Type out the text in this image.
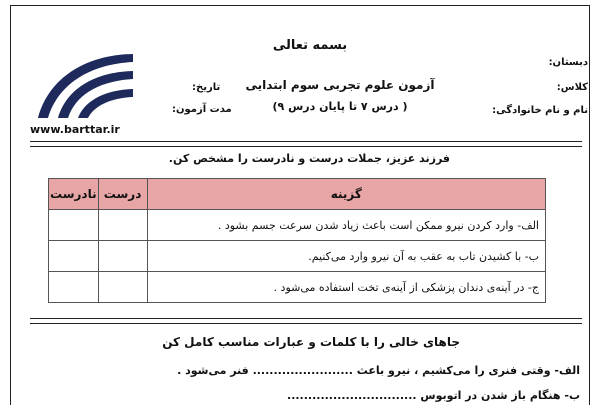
بسمه تعالی
آزمون علوم تجربی سوم ابتدایی
( درس ۷ تا پایان درس ۹)
دبستان:
کلاس:
نام و نام خانوادگی:
تاریخ:
مدت آزمون:
www.barttar.ir
فرزند عزیز، جملات درست و نادرست را مشخص کن.
گزینه	درست	نادرست
الف- وارد کردن نیرو ممکن است باعث زیاد شدن سرعت جسم بشود .		
ب- با کشیدن تاب به عقب به آن نیرو وارد می‌کنیم.		
ج- در آینه‌ی دندان پزشکی از آینه‌ی تخت استفاده می‌شود .		
جاهای خالی را با کلمات و عبارات مناسب کامل کن
الف- وقتی فنری را می‌کشیم ، نیرو باعث ........................ فنر می‌شود .
ب- هنگام باز شدن در اتوبوس ...............................
